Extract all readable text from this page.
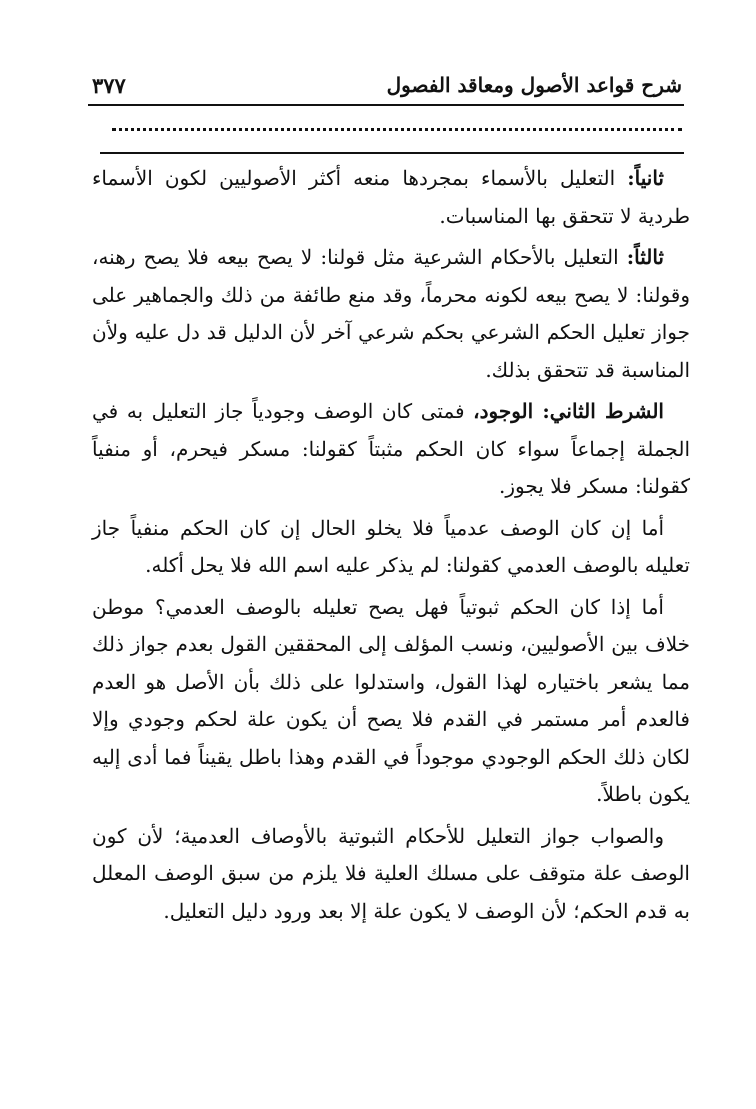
شرح قواعد الأصول ومعاقد الفصول
٣٧٧

ثانياً: التعليل بالأسماء بمجردها منعه أكثر الأصوليين لكون الأسماء طردية لا تتحقق بها المناسبات.

ثالثاً: التعليل بالأحكام الشرعية مثل قولنا: لا يصح بيعه فلا يصح رهنه، وقولنا: لا يصح بيعه لكونه محرماً، وقد منع طائفة من ذلك والجماهير على جواز تعليل الحكم الشرعي بحكم شرعي آخر لأن الدليل قد دل عليه ولأن المناسبة قد تتحقق بذلك.

الشرط الثاني: الوجود، فمتى كان الوصف وجودياً جاز التعليل به في الجملة إجماعاً سواء كان الحكم مثبتاً كقولنا: مسكر فيحرم، أو منفياً كقولنا: مسكر فلا يجوز.

أما إن كان الوصف عدمياً فلا يخلو الحال إن كان الحكم منفياً جاز تعليله بالوصف العدمي كقولنا: لم يذكر عليه اسم الله فلا يحل أكله.

أما إذا كان الحكم ثبوتياً فهل يصح تعليله بالوصف العدمي؟ موطن خلاف بين الأصوليين، ونسب المؤلف إلى المحققين القول بعدم جواز ذلك مما يشعر باختياره لهذا القول، واستدلوا على ذلك بأن الأصل هو العدم فالعدم أمر مستمر في القدم فلا يصح أن يكون علة لحكم وجودي وإلا لكان ذلك الحكم الوجودي موجوداً في القدم وهذا باطل يقيناً فما أدى إليه يكون باطلاً.

والصواب جواز التعليل للأحكام الثبوتية بالأوصاف العدمية؛ لأن كون الوصف علة متوقف على مسلك العلية فلا يلزم من سبق الوصف المعلل به قدم الحكم؛ لأن الوصف لا يكون علة إلا بعد ورود دليل التعليل.
